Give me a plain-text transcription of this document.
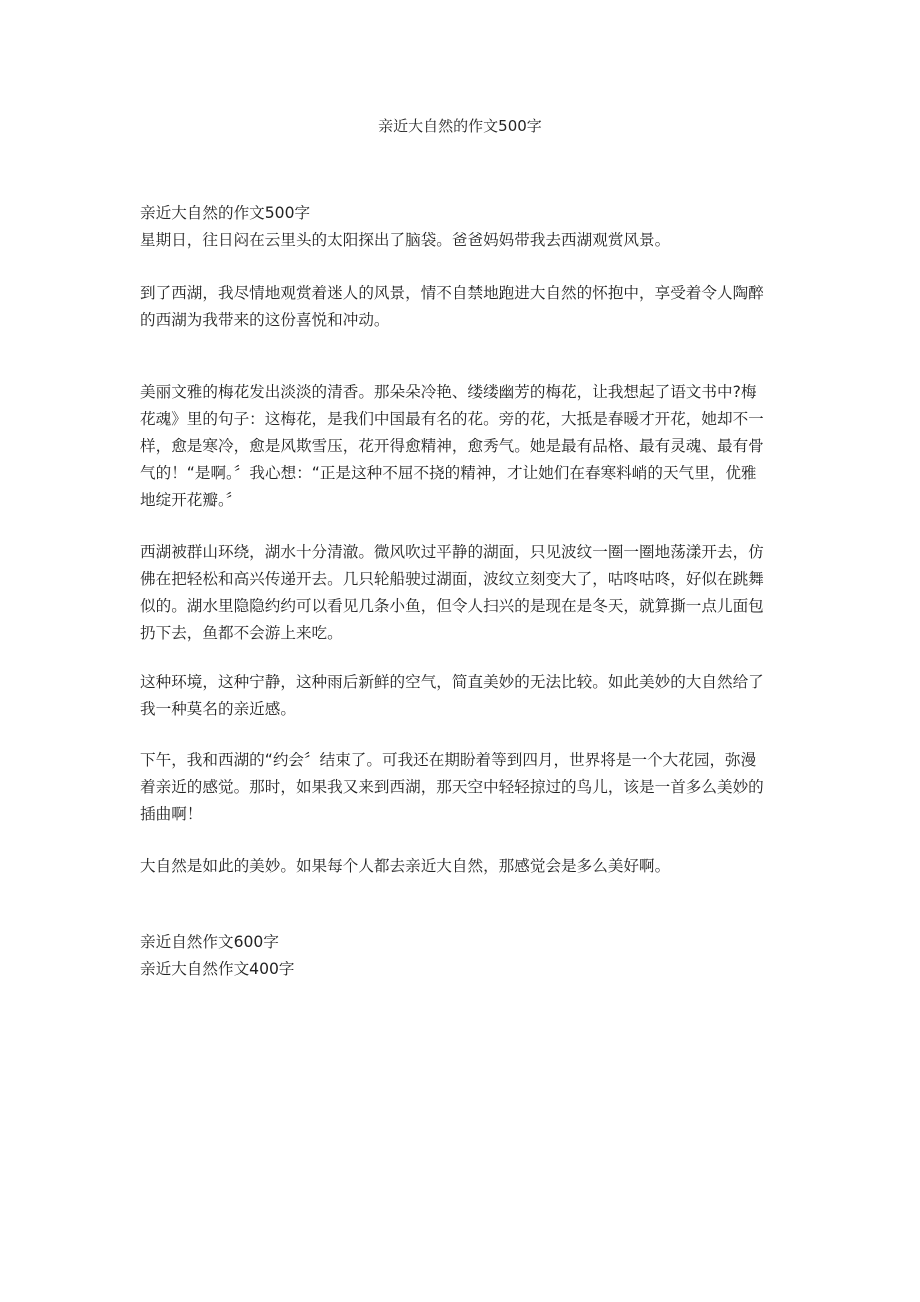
亲近大自然的作文500字
亲近大自然的作文500字
星期日，往日闷在云里头的太阳探出了脑袋。爸爸妈妈带我去西湖观赏风景。
到了西湖，我尽情地观赏着迷人的风景，情不自禁地跑进大自然的怀抱中，享受着令人陶醉
的西湖为我带来的这份喜悦和冲动。
美丽文雅的梅花发出淡淡的清香。那朵朵冷艳、缕缕幽芳的梅花，让我想起了语文书中?梅
花魂》里的句子：这梅花，是我们中国最有名的花。旁的花，大抵是春暖才开花，她却不一
样，愈是寒冷，愈是风欺雪压，花开得愈精神，愈秀气。她是最有品格、最有灵魂、最有骨
气的！“是啊。〞我心想：“正是这种不屈不挠的精神，才让她们在春寒料峭的天气里，优雅
地绽开花瓣。〞
西湖被群山环绕，湖水十分清澈。微风吹过平静的湖面，只见波纹一圈一圈地荡漾开去，仿
佛在把轻松和高兴传递开去。几只轮船驶过湖面，波纹立刻变大了，咕咚咕咚，好似在跳舞
似的。湖水里隐隐约约可以看见几条小鱼，但令人扫兴的是现在是冬天，就算撕一点儿面包
扔下去，鱼都不会游上来吃。
这种环境，这种宁静，这种雨后新鲜的空气，简直美妙的无法比较。如此美妙的大自然给了
我一种莫名的亲近感。
下午，我和西湖的“约会〞结束了。可我还在期盼着等到四月，世界将是一个大花园，弥漫
着亲近的感觉。那时，如果我又来到西湖，那天空中轻轻掠过的鸟儿，该是一首多么美妙的
插曲啊！
大自然是如此的美妙。如果每个人都去亲近大自然，那感觉会是多么美好啊。
亲近自然作文600字
亲近大自然作文400字
